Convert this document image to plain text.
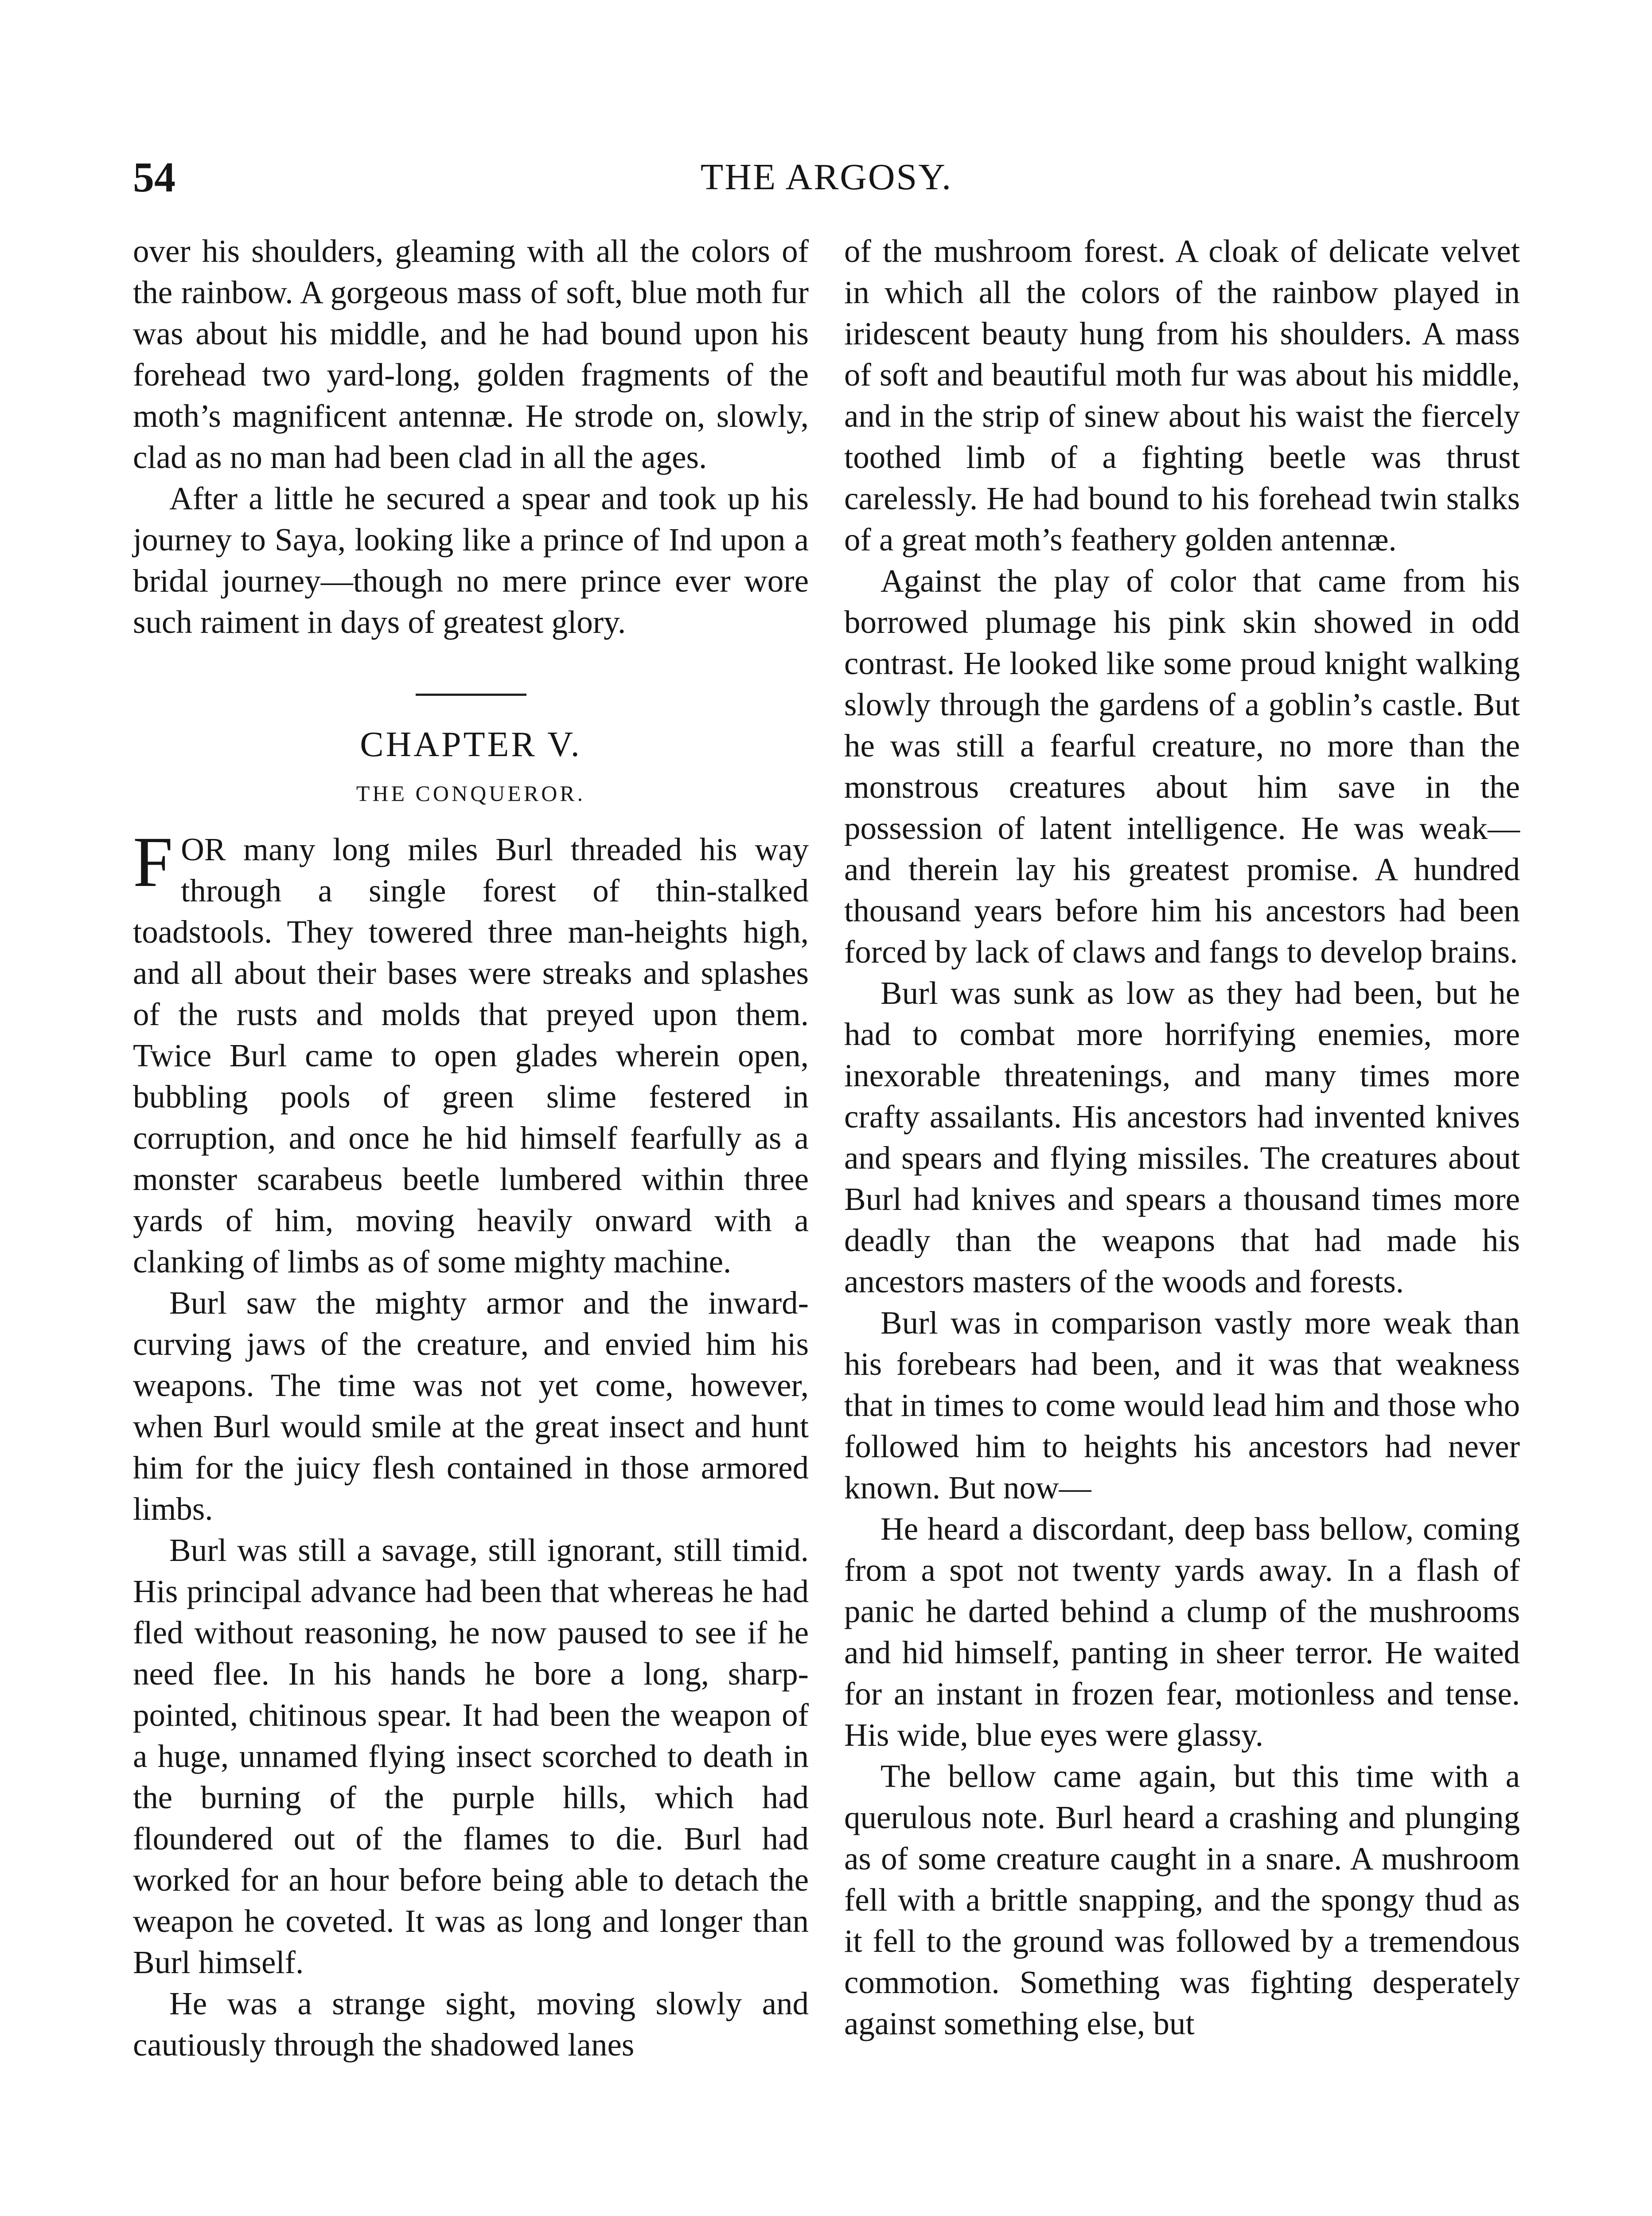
54	THE ARGOSY.

over his shoulders, gleaming with all the colors of the rainbow. A gorgeous mass of soft, blue moth fur was about his middle, and he had bound upon his forehead two yard-long, golden fragments of the moth’s magnificent antennæ. He strode on, slowly, clad as no man had been clad in all the ages.

After a little he secured a spear and took up his journey to Saya, looking like a prince of Ind upon a bridal journey—though no mere prince ever wore such raiment in days of greatest glory.

CHAPTER V.

THE CONQUEROR.

FOR many long miles Burl threaded his way through a single forest of thin-stalked toadstools. They towered three man-heights high, and all about their bases were streaks and splashes of the rusts and molds that preyed upon them. Twice Burl came to open glades wherein open, bubbling pools of green slime festered in corruption, and once he hid himself fearfully as a monster scarabeus beetle lumbered within three yards of him, moving heavily onward with a clanking of limbs as of some mighty machine.

Burl saw the mighty armor and the inward-curving jaws of the creature, and envied him his weapons. The time was not yet come, however, when Burl would smile at the great insect and hunt him for the juicy flesh contained in those armored limbs.

Burl was still a savage, still ignorant, still timid. His principal advance had been that whereas he had fled without reasoning, he now paused to see if he need flee. In his hands he bore a long, sharp-pointed, chitinous spear. It had been the weapon of a huge, unnamed flying insect scorched to death in the burning of the purple hills, which had floundered out of the flames to die. Burl had worked for an hour before being able to detach the weapon he coveted. It was as long and longer than Burl himself.

He was a strange sight, moving slowly and cautiously through the shadowed lanes

of the mushroom forest. A cloak of delicate velvet in which all the colors of the rainbow played in iridescent beauty hung from his shoulders. A mass of soft and beautiful moth fur was about his middle, and in the strip of sinew about his waist the fiercely toothed limb of a fighting beetle was thrust carelessly. He had bound to his forehead twin stalks of a great moth’s feathery golden antennæ.

Against the play of color that came from his borrowed plumage his pink skin showed in odd contrast. He looked like some proud knight walking slowly through the gardens of a goblin’s castle. But he was still a fearful creature, no more than the monstrous creatures about him save in the possession of latent intelligence. He was weak—and therein lay his greatest promise. A hundred thousand years before him his ancestors had been forced by lack of claws and fangs to develop brains.

Burl was sunk as low as they had been, but he had to combat more horrifying enemies, more inexorable threatenings, and many times more crafty assailants. His ancestors had invented knives and spears and flying missiles. The creatures about Burl had knives and spears a thousand times more deadly than the weapons that had made his ancestors masters of the woods and forests.

Burl was in comparison vastly more weak than his forebears had been, and it was that weakness that in times to come would lead him and those who followed him to heights his ancestors had never known. But now—

He heard a discordant, deep bass bellow, coming from a spot not twenty yards away. In a flash of panic he darted behind a clump of the mushrooms and hid himself, panting in sheer terror. He waited for an instant in frozen fear, motionless and tense. His wide, blue eyes were glassy.

The bellow came again, but this time with a querulous note. Burl heard a crashing and plunging as of some creature caught in a snare. A mushroom fell with a brittle snapping, and the spongy thud as it fell to the ground was followed by a tremendous commotion. Something was fighting desperately against something else, but
